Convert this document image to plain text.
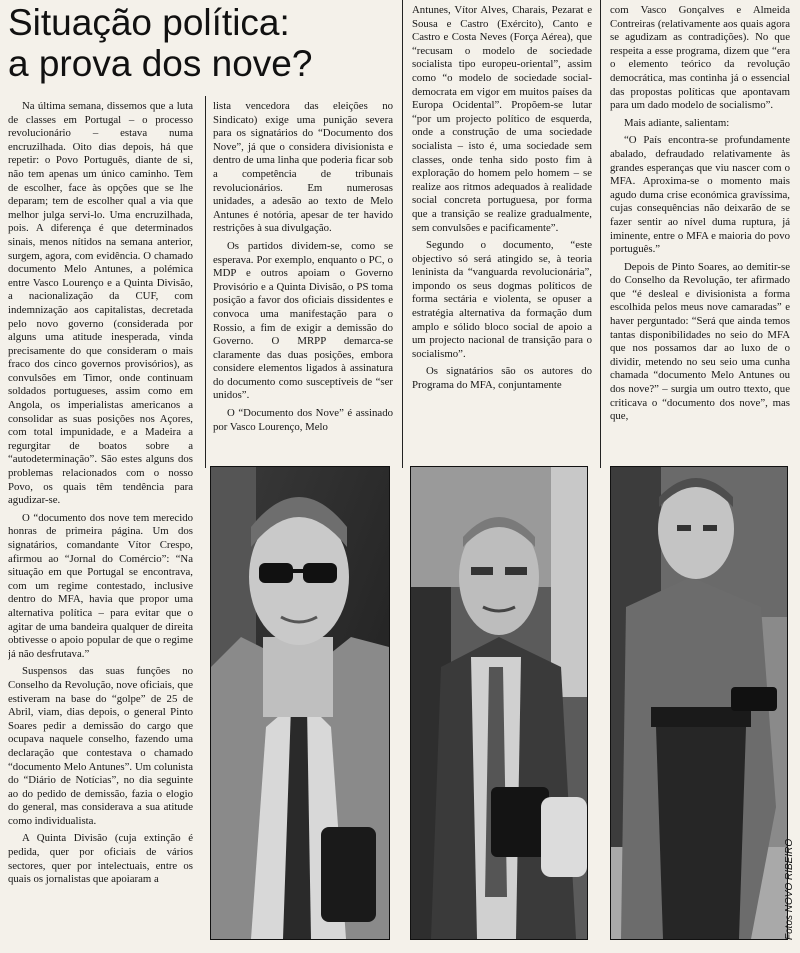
Situação política:
a prova dos nove?

Na última semana, dissemos que a luta de classes em Portugal – o processo revolucionário – estava numa encruzilhada. Oito dias depois, há que repetir: o Povo Português, diante de si, não tem apenas um único caminho. Tem de escolher, face às opções que se lhe deparam; tem de escolher qual a via que melhor julga servi-lo. Uma encruzilhada, pois. A diferença é que determinados sinais, menos nítidos na semana anterior, surgem, agora, com evidência. O chamado documento Melo Antunes, a polémica entre Vasco Lourenço e a Quinta Divisão, a nacionalização da CUF, com indemnização aos capitalistas, decretada pelo novo governo (considerada por alguns uma atitude inesperada, vinda precisamente do que consideram o mais fraco dos cinco governos provisórios), as convulsões em Timor, onde continuam soldados portugueses, assim como em Angola, os imperialistas americanos a consolidar as suas posições nos Açores, com total impunidade, e a Madeira a regurgitar de boatos sobre a “autodeterminação”. São estes alguns dos problemas relacionados com o nosso Povo, os quais têm tendência para agudizar-se.

O “documento dos nove tem merecido honras de primeira página. Um dos signatários, comandante Vítor Crespo, afirmou ao “Jornal do Comércio”: “Na situação em que Portugal se encontrava, com um regime contestado, inclusive dentro do MFA, havia que propor uma alternativa política – para evitar que o agitar de uma bandeira qualquer de direita obtivesse o apoio popular de que o regime já não desfrutava.”

Suspensos das suas funções no Conselho da Revolução, nove oficiais, que estiveram na base do “golpe” de 25 de Abril, viam, dias depois, o general Pinto Soares pedir a demissão do cargo que ocupava naquele conselho, fazendo uma declaração que contestava o chamado “documento Melo Antunes”. Um colunista do “Diário de Notícias”, no dia seguinte ao do pedido de demissão, fazia o elogio do general, mas considerava a sua atitude como individualista.

A Quinta Divisão (cuja extinção é pedida, quer por oficiais de vários sectores, quer por intelectuais, entre os quais os jornalistas que apoiaram a

lista vencedora das eleições no Sindicato) exige uma punição severa para os signatários do “Documento dos Nove”, já que o considera divisionista e dentro de uma linha que poderia ficar sob a competência de tribunais revolucionários. Em numerosas unidades, a adesão ao texto de Melo Antunes é notória, apesar de ter havido restrições à sua divulgação.

Os partidos dividem-se, como se esperava. Por exemplo, enquanto o PC, o MDP e outros apoiam o Governo Provisório e a Quinta Divisão, o PS toma posição a favor dos oficiais dissidentes e convoca uma manifestação para o Rossio, a fim de exigir a demissão do Governo. O MRPP demarca-se claramente das duas posições, embora considere elementos ligados à assinatura do documento como susceptíveis de “ser unidos”.

O “Documento dos Nove” é assinado por Vasco Lourenço, Melo

Antunes, Vítor Alves, Charais, Pezarat e Sousa e Castro (Exército), Canto e Castro e Costa Neves (Força Aérea), que “recusam o modelo de sociedade socialista tipo europeu-oriental”, assim como “o modelo de sociedade social-democrata em vigor em muitos países da Europa Ocidental”. Propõem-se lutar “por um projecto político de esquerda, onde a construção de uma sociedade socialista – isto é, uma sociedade sem classes, onde tenha sido posto fim à exploração do homem pelo homem – se realize aos ritmos adequados à realidade social concreta portuguesa, por forma que a transição se realize gradualmente, sem convulsões e pacificamente”.

Segundo o documento, “este objectivo só será atingido se, à teoria leninista da “vanguarda revolucionária”, impondo os seus dogmas políticos de forma sectária e violenta, se opuser a estratégia alternativa da formação dum amplo e sólido bloco social de apoio a um projecto nacional de transição para o socialismo”.

Os signatários são os autores do Programa do MFA, conjuntamente

com Vasco Gonçalves e Almeida Contreiras (relativamente aos quais agora se agudizam as contradições). No que respeita a esse programa, dizem que “era o elemento teórico da revolução democrática, mas continha já o essencial das propostas políticas que apontavam para um dado modelo de socialismo”.

Mais adiante, salientam:

“O País encontra-se profundamente abalado, defraudado relativamente às grandes esperanças que viu nascer com o MFA. Aproxima-se o momento mais agudo duma crise económica gravíssima, cujas consequências não deixarão de se fazer sentir ao nível duma ruptura, já iminente, entre o MFA e maioria do povo português.”

Depois de Pinto Soares, ao demitir-se do Conselho da Revolução, ter afirmado que “é desleal e divisionista a forma escolhida pelos meus nove camaradas” e haver perguntado: “Será que ainda temos tantas disponibilidades no seio do MFA que nos possamos dar ao luxo de o dividir, metendo no seu seio uma cunha chamada “documento Melo Antunes ou dos nove?” – surgia um outro ttexto, que criticava o “documento dos nove”, mas que,

Fotos NOVO RIBEIRO
